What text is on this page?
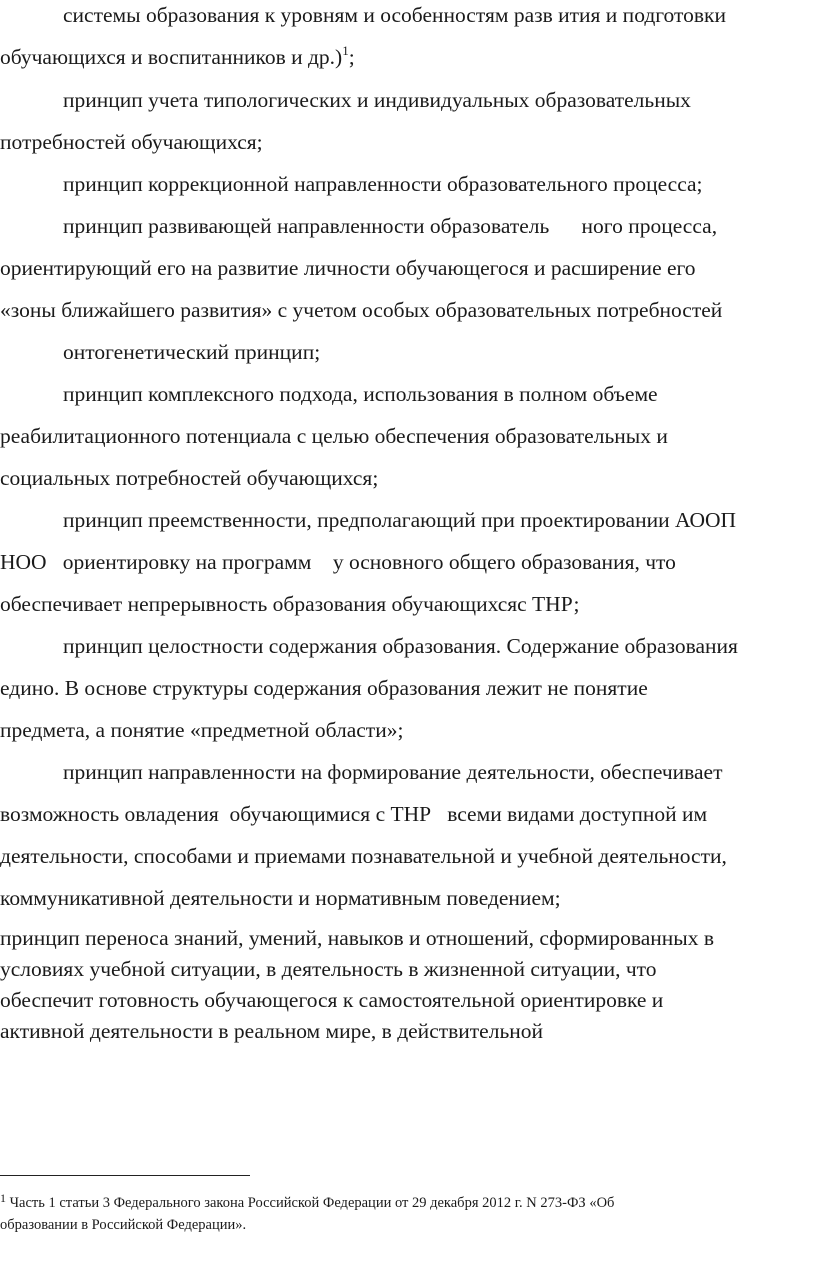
системы образования к уровням и особенностям разв ития и подготовки

обучающихся и воспитанников и др.)$^1$;

принцип учета типологических и индивидуальных образовательных

потребностей обучающихся;

принцип коррекционной направленности образовательного процесса;

принцип развивающей направленности образователь      ного процесса,

ориентирующий его на развитие личности обучающегося и расширение его

«зоны ближайшего развития» с учетом особых образовательных потребностей

онтогенетический принцип;

принцип комплексного подхода, использования в полном объеме

реабилитационного потенциала с целью обеспечения образовательных и

социальных потребностей обучающихся;

принцип преемственности, предполагающий при проектировании АООП

НОО   ориентировку на программ    у основного общего образования, что

обеспечивает непрерывность образования обучающихсяс ТНР;

принцип целостности содержания образования. Содержание образования

едино. В основе структуры содержания образования лежит не понятие

предмета, а понятие «предметной области»;

принцип направленности на формирование деятельности, обеспечивает

возможность овладения  обучающимися с ТНР   всеми видами доступной им

деятельности, способами и приемами познавательной и учебной деятельности,

коммуникативной деятельности и нормативным поведением;

принцип переноса знаний, умений, навыков и отношений, сформированных в

условиях учебной ситуации, в деятельность в жизненной ситуации, что

обеспечит готовность обучающегося к самостоятельной ориентировке и

активной деятельности в реальном мире, в действительной

$^1$ Часть 1 статьи 3 Федерального закона Российской Федерации от 29 декабря 2012 г. N 273-ФЗ «Об

образовании в Российской Федерации».
